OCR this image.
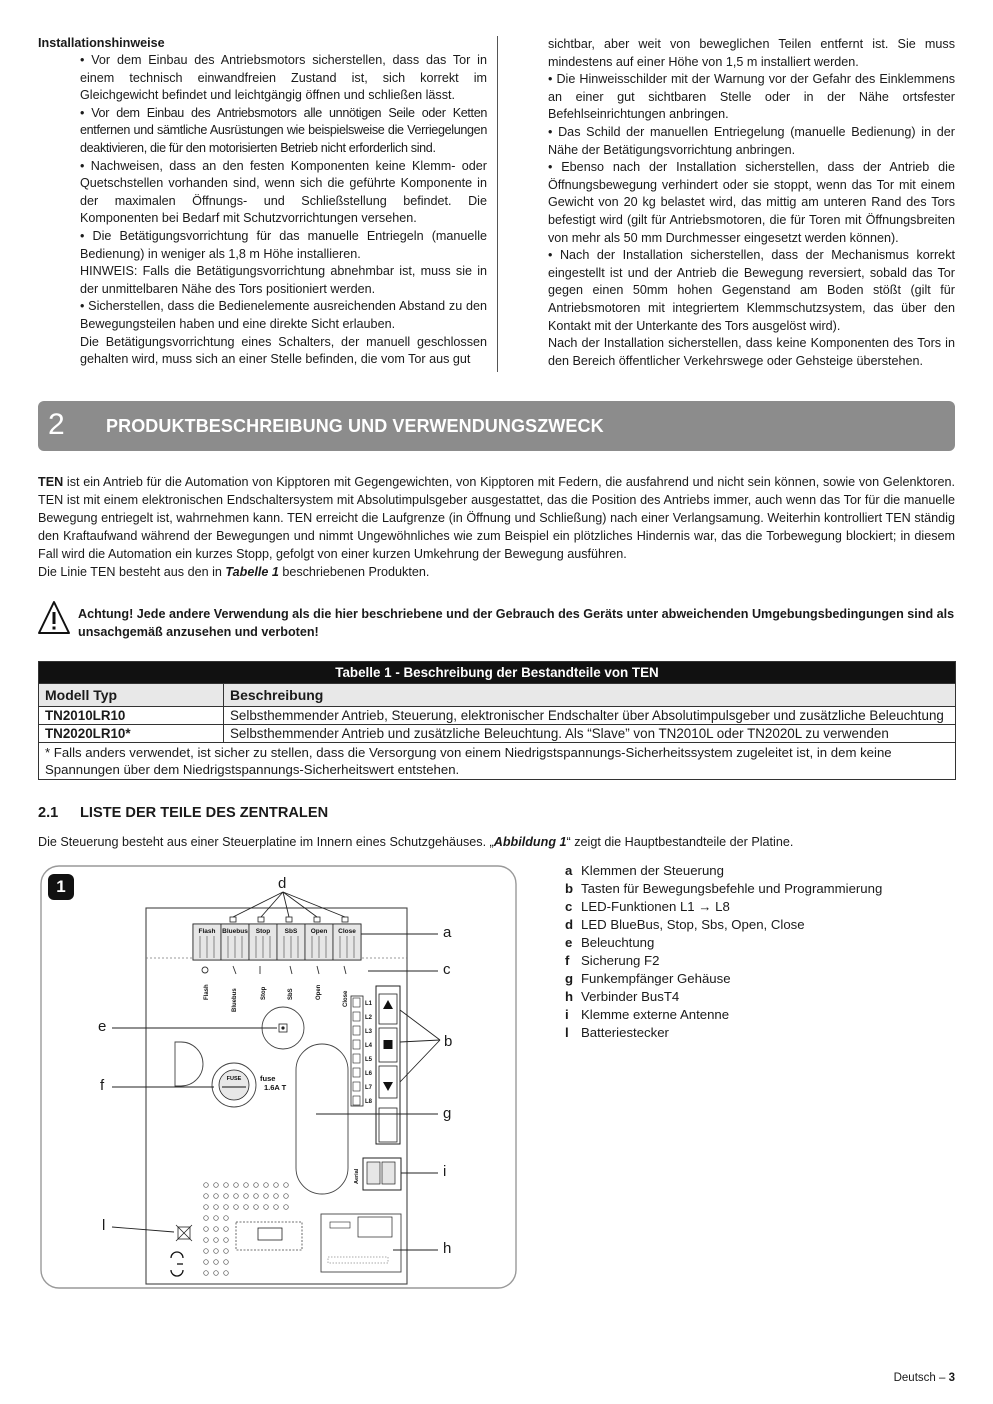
Installationshinweise

• Vor dem Einbau des Antriebsmotors sicherstellen, dass das Tor in einem technisch einwandfreien Zustand ist, sich korrekt im Gleichgewicht befindet und leichtgängig öffnen und schließen lässt.

• Vor dem Einbau des Antriebsmotors alle unnötigen Seile oder Ketten entfernen und sämtliche Ausrüstungen wie beispielsweise die Verriegelungen deaktivieren, die für den motorisierten Betrieb nicht erforderlich sind.

• Nachweisen, dass an den festen Komponenten keine Klemm- oder Quetschstellen vorhanden sind, wenn sich die geführte Komponente in der maximalen Öffnungs- und Schließstellung befindet. Die Komponenten bei Bedarf mit Schutzvorrichtungen versehen.

• Die Betätigungsvorrichtung für das manuelle Entriegeln (manuelle Bedienung) in weniger als 1,8 m Höhe installieren.

HINWEIS: Falls die Betätigungsvorrichtung abnehmbar ist, muss sie in der unmittelbaren Nähe des Tors positioniert werden.

• Sicherstellen, dass die Bedienelemente ausreichenden Abstand zu den Bewegungsteilen haben und eine direkte Sicht erlauben.

Die Betätigungsvorrichtung eines Schalters, der manuell geschlossen gehalten wird, muss sich an einer Stelle befinden, die vom Tor aus gut

sichtbar, aber weit von beweglichen Teilen entfernt ist. Sie muss mindestens auf einer Höhe von 1,5 m installiert werden.

• Die Hinweisschilder mit der Warnung vor der Gefahr des Einklemmens an einer gut sichtbaren Stelle oder in der Nähe ortsfester Befehlseinrichtungen anbringen.

• Das Schild der manuellen Entriegelung (manuelle Bedienung) in der Nähe der Betätigungsvorrichtung anbringen.

• Ebenso nach der Installation sicherstellen, dass der Antrieb die Öffnungsbewegung verhindert oder sie stoppt, wenn das Tor mit einem Gewicht von 20 kg belastet wird, das mittig am unteren Rand des Tors befestigt wird (gilt für Antriebsmotoren, die für Toren mit Öffnungsbreiten von mehr als 50 mm Durchmesser eingesetzt werden können).

• Nach der Installation sicherstellen, dass der Mechanismus korrekt eingestellt ist und der Antrieb die Bewegung reversiert, sobald das Tor gegen einen 50mm hohen Gegenstand am Boden stößt (gilt für Antriebsmotoren mit integriertem Klemmschutzsystem, das über den Kontakt mit der Unterkante des Tors ausgelöst wird).

Nach der Installation sicherstellen, dass keine Komponenten des Tors in den Bereich öffentlicher Verkehrswege oder Gehsteige überstehen.

2 PRODUKTBESCHREIBUNG UND VERWENDUNGSZWECK
TEN ist ein Antrieb für die Automation von Kipptoren mit Gegengewichten, von Kipptoren mit Federn, die ausfahrend und nicht sein können, sowie von Gelenktoren. TEN ist mit einem elektronischen Endschaltersystem mit Absolutimpulsgeber ausgestattet, das die Position des Antriebs immer, auch wenn das Tor für die manuelle Bewegung entriegelt ist, wahrnehmen kann. TEN erreicht die Laufgrenze (in Öffnung und Schließung) nach einer Verlangsamung. Weiterhin kontrolliert TEN ständig den Kraftaufwand während der Bewegungen und nimmt Ungewöhnliches wie zum Beispiel ein plötzliches Hindernis war, das die Torbewegung blockiert; in diesem Fall wird die Automation ein kurzes Stopp, gefolgt von einer kurzen Umkehrung der Bewegung ausführen.
Die Linie TEN besteht aus den in Tabelle 1 beschriebenen Produkten.
Achtung! Jede andere Verwendung als die hier beschriebene und der Gebrauch des Geräts unter abweichenden Umgebungsbedingungen sind als unsachgemäß anzusehen und verboten!
Tabelle 1 - Beschreibung der Bestandteile von TEN	
Modell Typ	Beschreibung
TN2010LR10	Selbsthemmender Antrieb, Steuerung, elektronischer Endschalter über Absolutimpulsgeber und zusätzliche Beleuchtung
TN2020LR10*	Selbsthemmender Antrieb und zusätzliche Beleuchtung. Als “Slave” von TN2010L oder TN2020L zu verwenden
* Falls anders verwendet, ist sicher zu stellen, dass die Versorgung von einem Niedrigstspannungs-Sicherheitssystem zugeleitet ist, in dem keine Spannungen über dem Niedrigstspannungs-Sicherheitswert entstehen.	
2.1 LISTE DER TEILE DES ZENTRALEN
Die Steuerung besteht aus einer Steuerplatine im Innern eines Schutzgehäuses. „Abbildung 1“ zeigt die Hauptbestandteile der Platine.
Flash Bluebus Stop SbS Open Close
Flash	Bluebus	Stop	SbS	Open	Close	L1
L2
L3
L4
L5
L6
L7
L8
FUSE fuse
1.6A T
Aerial
1	d
a
c
b
e
f
g
i
h
l
a Klemmen der Steuerung
b Tasten für Bewegungsbefehle und Programmierung
c LED-Funktionen L1 → L8
d LED BlueBus, Stop, Sbs, Open, Close
e Beleuchtung
f Sicherung F2
g Funkempfänger Gehäuse
h Verbinder BusT4
i Klemme externe Antenne
l Batteriestecker
Deutsch – 3
